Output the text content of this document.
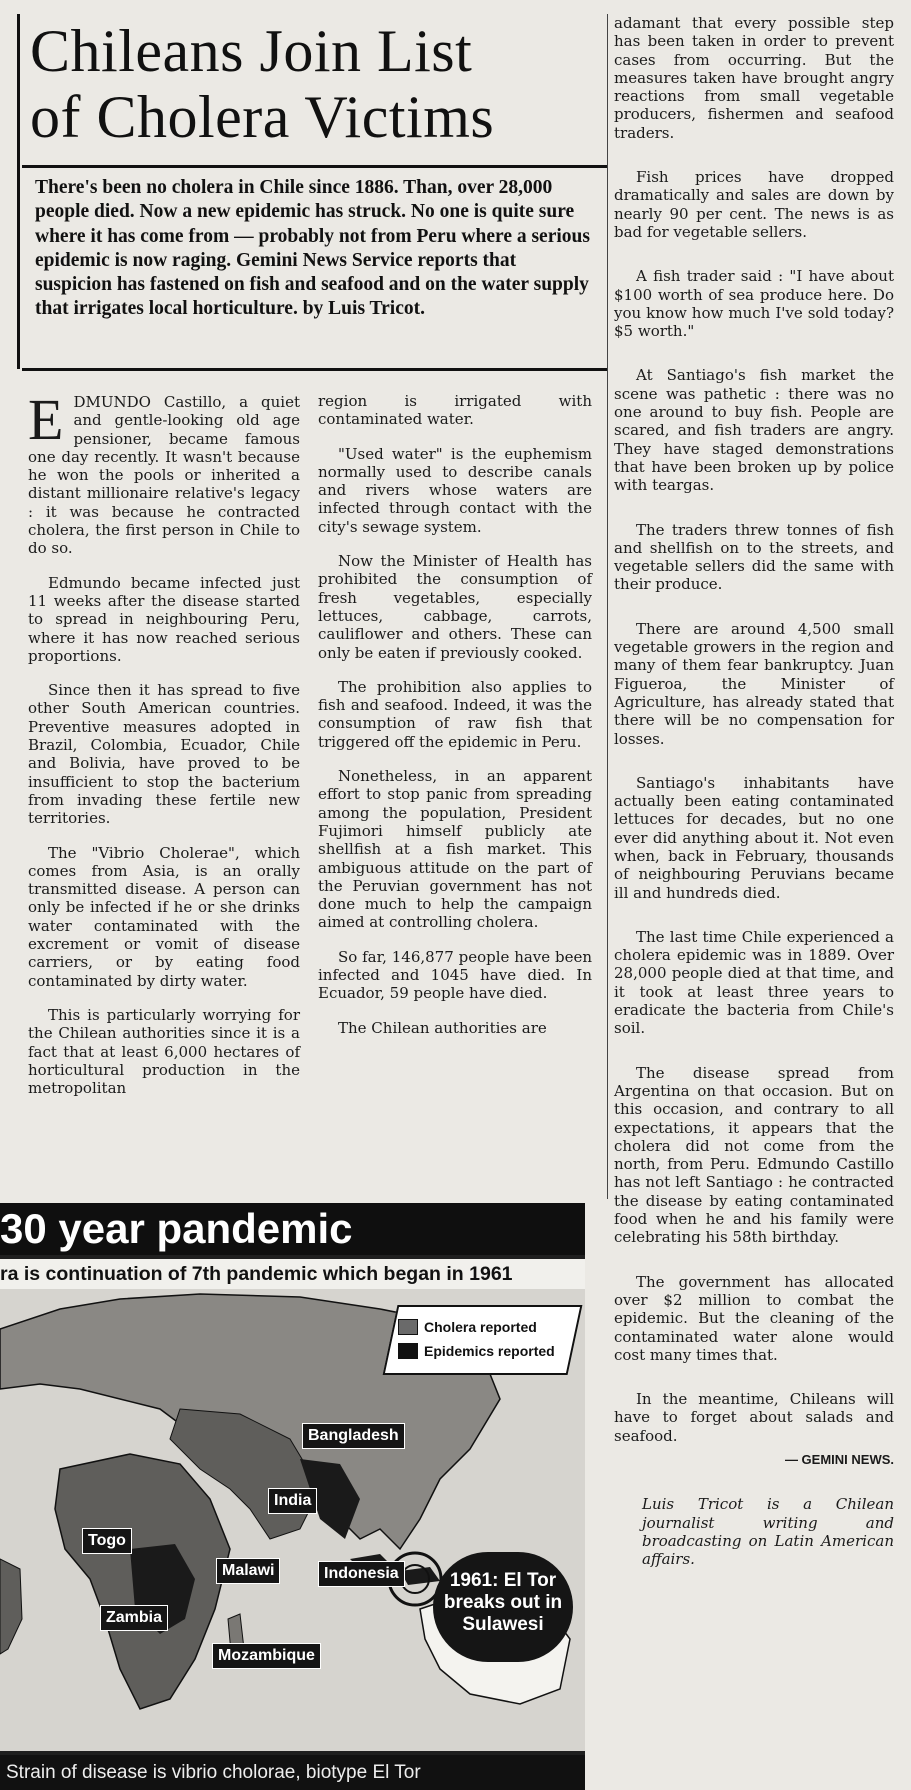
Chileans Join List
of Cholera Victims

There's been no cholera in Chile since 1886. Than, over 28,000 people died. Now a new epidemic has struck. No one is quite sure where it has come from — probably not from Peru where a serious epidemic is now raging. Gemini News Service reports that suspicion has fastened on fish and seafood and on the water supply that irrigates local horticulture. by Luis Tricot.

EDMUNDO Castillo, a quiet and gentle-looking old age pensioner, became famous one day recently. It wasn't because he won the pools or inherited a distant millionaire relative's legacy : it was because he contracted cholera, the first person in Chile to do so.

Edmundo became infected just 11 weeks after the disease started to spread in neighbouring Peru, where it has now reached serious proportions.

Since then it has spread to five other South American countries. Preventive measures adopted in Brazil, Colombia, Ecuador, Chile and Bolivia, have proved to be insufficient to stop the bacterium from invading these fertile new territories.

The "Vibrio Cholerae", which comes from Asia, is an orally transmitted disease. A person can only be infected if he or she drinks water contaminated with the excrement or vomit of disease carriers, or by eating food contaminated by dirty water.

This is particularly worrying for the Chilean authorities since it is a fact that at least 6,000 hectares of horticultural production in the metropolitan

region is irrigated with contaminated water.

"Used water" is the euphemism normally used to describe canals and rivers whose waters are infected through contact with the city's sewage system.

Now the Minister of Health has prohibited the consumption of fresh vegetables, especially lettuces, cabbage, carrots, cauliflower and others. These can only be eaten if previously cooked.

The prohibition also applies to fish and seafood. Indeed, it was the consumption of raw fish that triggered off the epidemic in Peru.

Nonetheless, in an apparent effort to stop panic from spreading among the population, President Fujimori himself publicly ate shellfish at a fish market. This ambiguous attitude on the part of the Peruvian government has not done much to help the campaign aimed at controlling cholera.

So far, 146,877 people have been infected and 1045 have died. In Ecuador, 59 people have died.

The Chilean authorities are

adamant that every possible step has been taken in order to prevent cases from occurring. But the measures taken have brought angry reactions from small vegetable producers, fishermen and seafood traders.

Fish prices have dropped dramatically and sales are down by nearly 90 per cent. The news is as bad for vegetable sellers.

A fish trader said : "I have about $100 worth of sea produce here. Do you know how much I've sold today? $5 worth."

At Santiago's fish market the scene was pathetic : there was no one around to buy fish. People are scared, and fish traders are angry. They have staged demonstrations that have been broken up by police with teargas.

The traders threw tonnes of fish and shellfish on to the streets, and vegetable sellers did the same with their produce.

There are around 4,500 small vegetable growers in the region and many of them fear bankruptcy. Juan Figueroa, the Minister of Agriculture, has already stated that there will be no compensation for losses.

Santiago's inhabitants have actually been eating contaminated lettuces for decades, but no one ever did anything about it. Not even when, back in February, thousands of neighbouring Peruvians became ill and hundreds died.

The last time Chile experienced a cholera epidemic was in 1889. Over 28,000 people died at that time, and it took at least three years to eradicate the bacteria from Chile's soil.

The disease spread from Argentina on that occasion. But on this occasion, and contrary to all expectations, it appears that the cholera did not come from the north, from Peru. Edmundo Castillo has not left Santiago : he contracted the disease by eating contaminated food when he and his family were celebrating his 58th birthday.

The government has allocated over $2 million to combat the epidemic. But the cleaning of the contaminated water alone would cost many times that.

In the meantime, Chileans will have to forget about salads and seafood.

— GEMINI NEWS.

Luis Tricot is a Chilean journalist writing and broadcasting on Latin American affairs.

30 year pandemic
ra is continuation of 7th pandemic which began in 1961
Cholera reported
Epidemics reported
Bangladesh
India
Togo
Malawi	Indonesia
Zambia
Mozambique
1961: El Tor breaks out in Sulawesi
Strain of disease is vibrio cholorae, biotype El Tor
